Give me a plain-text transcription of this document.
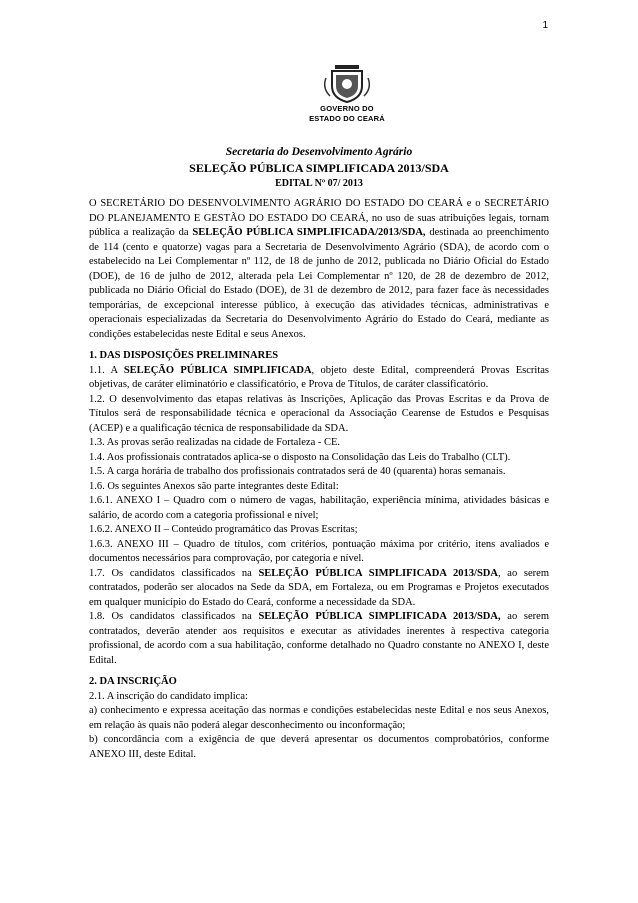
1
GOVERNO DO
ESTADO DO CEARÁ
Secretaria do Desenvolvimento Agrário
SELEÇÃO PÚBLICA SIMPLIFICADA 2013/SDA
EDITAL Nº 07/ 2013

O SECRETÁRIO DO DESENVOLVIMENTO AGRÁRIO DO ESTADO DO CEARÁ e o SECRETÁRIO DO PLANEJAMENTO E GESTÃO DO ESTADO DO CEARÁ, no uso de suas atribuições legais, tornam pública a realização da SELEÇÃO PÚBLICA SIMPLIFICADA/2013/SDA, destinada ao preenchimento de 114 (cento e quatorze) vagas para a Secretaria de Desenvolvimento Agrário (SDA), de acordo com o estabelecido na Lei Complementar nº 112, de 18 de junho de 2012, publicada no Diário Oficial do Estado (DOE), de 16 de julho de 2012, alterada pela Lei Complementar nº 120, de 28 de dezembro de 2012, publicada no Diário Oficial do Estado (DOE), de 31 de dezembro de 2012, para fazer face às necessidades temporárias, de excepcional interesse público, à execução das atividades técnicas, administrativas e operacionais especializadas da Secretaria do Desenvolvimento Agrário do Estado do Ceará, mediante as condições estabelecidas neste Edital e seus Anexos.

1. DAS DISPOSIÇÕES PRELIMINARES

1.1. A SELEÇÃO PÚBLICA SIMPLIFICADA, objeto deste Edital, compreenderá Provas Escritas objetivas, de caráter eliminatório e classificatório, e Prova de Títulos, de caráter classificatório.

1.2. O desenvolvimento das etapas relativas às Inscrições, Aplicação das Provas Escritas e da Prova de Títulos será de responsabilidade técnica e operacional da Associação Cearense de Estudos e Pesquisas (ACEP) e a qualificação técnica de responsabilidade da SDA.

1.3. As provas serão realizadas na cidade de Fortaleza - CE.

1.4. Aos profissionais contratados aplica-se o disposto na Consolidação das Leis do Trabalho (CLT).

1.5. A carga horária de trabalho dos profissionais contratados será de 40 (quarenta) horas semanais.

1.6. Os seguintes Anexos são parte integrantes deste Edital:

1.6.1. ANEXO I – Quadro com o número de vagas, habilitação, experiência mínima, atividades básicas e salário, de acordo com a categoria profissional e nível;

1.6.2. ANEXO II – Conteúdo programático das Provas Escritas;

1.6.3. ANEXO III – Quadro de títulos, com critérios, pontuação máxima por critério, itens avaliados e documentos necessários para comprovação, por categoria e nível.

1.7. Os candidatos classificados na SELEÇÃO PÚBLICA SIMPLIFICADA 2013/SDA, ao serem contratados, poderão ser alocados na Sede da SDA, em Fortaleza, ou em Programas e Projetos executados em qualquer município do Estado do Ceará, conforme a necessidade da SDA.

1.8. Os candidatos classificados na SELEÇÃO PÚBLICA SIMPLIFICADA 2013/SDA, ao serem contratados, deverão atender aos requisitos e executar as atividades inerentes à respectiva categoria profissional, de acordo com a sua habilitação, conforme detalhado no Quadro constante no ANEXO I, deste Edital.

2. DA INSCRIÇÃO

2.1. A inscrição do candidato implica:

a) conhecimento e expressa aceitação das normas e condições estabelecidas neste Edital e nos seus Anexos, em relação às quais não poderá alegar desconhecimento ou inconformação;

b) concordância com a exigência de que deverá apresentar os documentos comprobatórios, conforme ANEXO III, deste Edital.
